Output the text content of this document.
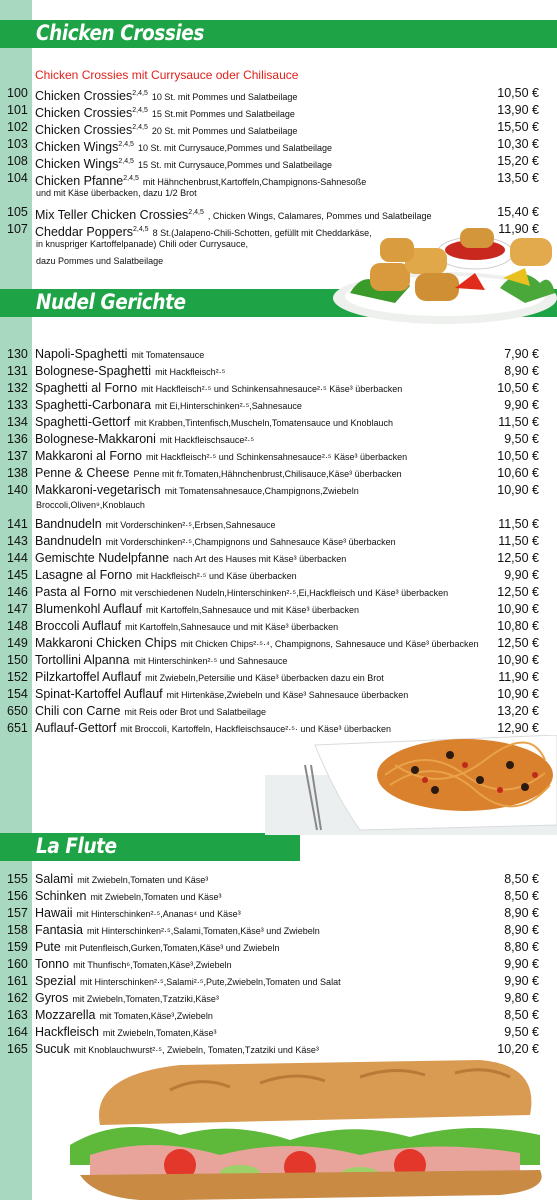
Chicken Crossies
Chicken Crossies mit Currysauce oder Chilisauce
Nudel Gerichte
La Flute
100 Chicken Crossies$^{2,4,5}$ 10 St. mit Pommes und Salatbeilage	10,50 €
101 Chicken Crossies$^{2,4,5}$ 15 St.mit Pommes und Salatbeilage	13,90 €
102 Chicken Crossies$^{2,4,5}$ 20 St. mit Pommes und Salatbeilage	15,50 €
103 Chicken Wings$^{2,4,5}$ 10 St. mit Currysauce,Pommes und Salatbeilage	10,30 €
108 Chicken Wings$^{2,4,5}$ 15 St. mit Currysauce,Pommes und Salatbeilage	15,20 €
104 Chicken Pfanne$^{2,4,5}$ mit Hähnchenbrust,Kartoffeln,Champignons-Sahnesoße	13,50 €
und mit Käse überbacken, dazu 1/2 Brot
105 Mix Teller Chicken Crossies$^{2,4,5}$ , Chicken Wings, Calamares, Pommes und Salatbeilage	15,40 €
107 Cheddar Poppers$^{2,4,5}$ 8 St.(Jalapeno-Chili-Schotten, gefüllt mit Cheddarkäse,	11,90 €
in knuspriger Kartoffelpanade) Chili oder Currysauce,
dazu Pommes und Salatbeilage
130 Napoli-Spaghetti mit Tomatensauce	7,90 €
131 Bolognese-Spaghetti mit Hackfleisch²·⁵	8,90 €
132 Spaghetti al Forno mit Hackfleisch²·⁵ und Schinkensahnesauce²·⁵ Käse³ überbacken	10,50 €
133 Spaghetti-Carbonara mit Ei,Hinterschinken²·⁵,Sahnesauce	9,90 €
134 Spaghetti-Gettorf mit Krabben,Tintenfisch,Muscheln,Tomatensauce und Knoblauch	11,50 €
136 Bolognese-Makkaroni mit Hackfleischsauce²·⁵	9,50 €
137 Makkaroni al Forno mit Hackfleisch²·⁵ und Schinkensahnesauce²·⁵ Käse³ überbacken	10,50 €
138 Penne & Cheese Penne mit fr.Tomaten,Hähnchenbrust,Chilisauce,Käse³ überbacken	10,60 €
140 Makkaroni-vegetarisch mit Tomatensahnesauce,Champignons,Zwiebeln	10,90 €
Broccoli,Oliven⁹,Knoblauch
141 Bandnudeln mit Vorderschinken²·⁵,Erbsen,Sahnesauce	11,50 €
143 Bandnudeln mit Vorderschinken²·⁵,Champignons und Sahnesauce Käse³ überbacken	11,50 €
144 Gemischte Nudelpfanne nach Art des Hauses mit Käse³ überbacken	12,50 €
145 Lasagne al Forno mit Hackfleisch²·⁵ und Käse überbacken	9,90 €
146 Pasta al Forno mit verschiedenen Nudeln,Hinterschinken²·⁵,Ei,Hackfleisch und Käse³ überbacken	12,50 €
147 Blumenkohl Auflauf mit Kartoffeln,Sahnesauce und mit Käse³ überbacken	10,90 €
148 Broccoli Auflauf mit Kartoffeln,Sahnesauce und mit Käse³ überbacken	10,80 €
149 Makkaroni Chicken Chips mit Chicken Chips²·⁵·⁴, Champignons, Sahnesauce und Käse³ überbacken	12,50 €
150 Tortollini Alpanna mit Hinterschinken²·⁵ und Sahnesauce	10,90 €
152 Pilzkartoffel Auflauf mit Zwiebeln,Petersilie und Käse³ überbacken dazu ein Brot	11,90 €
154 Spinat-Kartoffel Auflauf mit Hirtenkäse,Zwiebeln und Käse³ Sahnesauce überbacken	10,90 €
650 Chili con Carne mit Reis oder Brot und Salatbeilage	13,20 €
651 Auflauf-Gettorf mit Broccoli, Kartoffeln, Hackfleischsauce²·⁵· und Käse³ überbacken	12,90 €
155 Salami mit Zwiebeln,Tomaten und Käse³	8,50 €
156 Schinken mit Zwiebeln,Tomaten und Käse³	8,50 €
157 Hawaii mit Hinterschinken²·⁵,Ananas⁴ und Käse³	8,90 €
158 Fantasia mit Hinterschinken²·⁵,Salami,Tomaten,Käse³ und Zwiebeln	8,90 €
159 Pute mit Putenfleisch,Gurken,Tomaten,Käse³ und Zwiebeln	8,80 €
160 Tonno mit Thunfisch⁶,Tomaten,Käse³,Zwiebeln	9,90 €
161 Spezial mit Hinterschinken²·⁵,Salami²·⁵,Pute,Zwiebeln,Tomaten und Salat	9,90 €
162 Gyros mit Zwiebeln,Tomaten,Tzatziki,Käse³	9,80 €
163 Mozzarella mit Tomaten,Käse³,Zwiebeln	8,50 €
164 Hackfleisch mit Zwiebeln,Tomaten,Käse³	9,50 €
165 Sucuk mit Knoblauchwurst²·⁵, Zwiebeln, Tomaten,Tzatziki und Käse³	10,20 €
